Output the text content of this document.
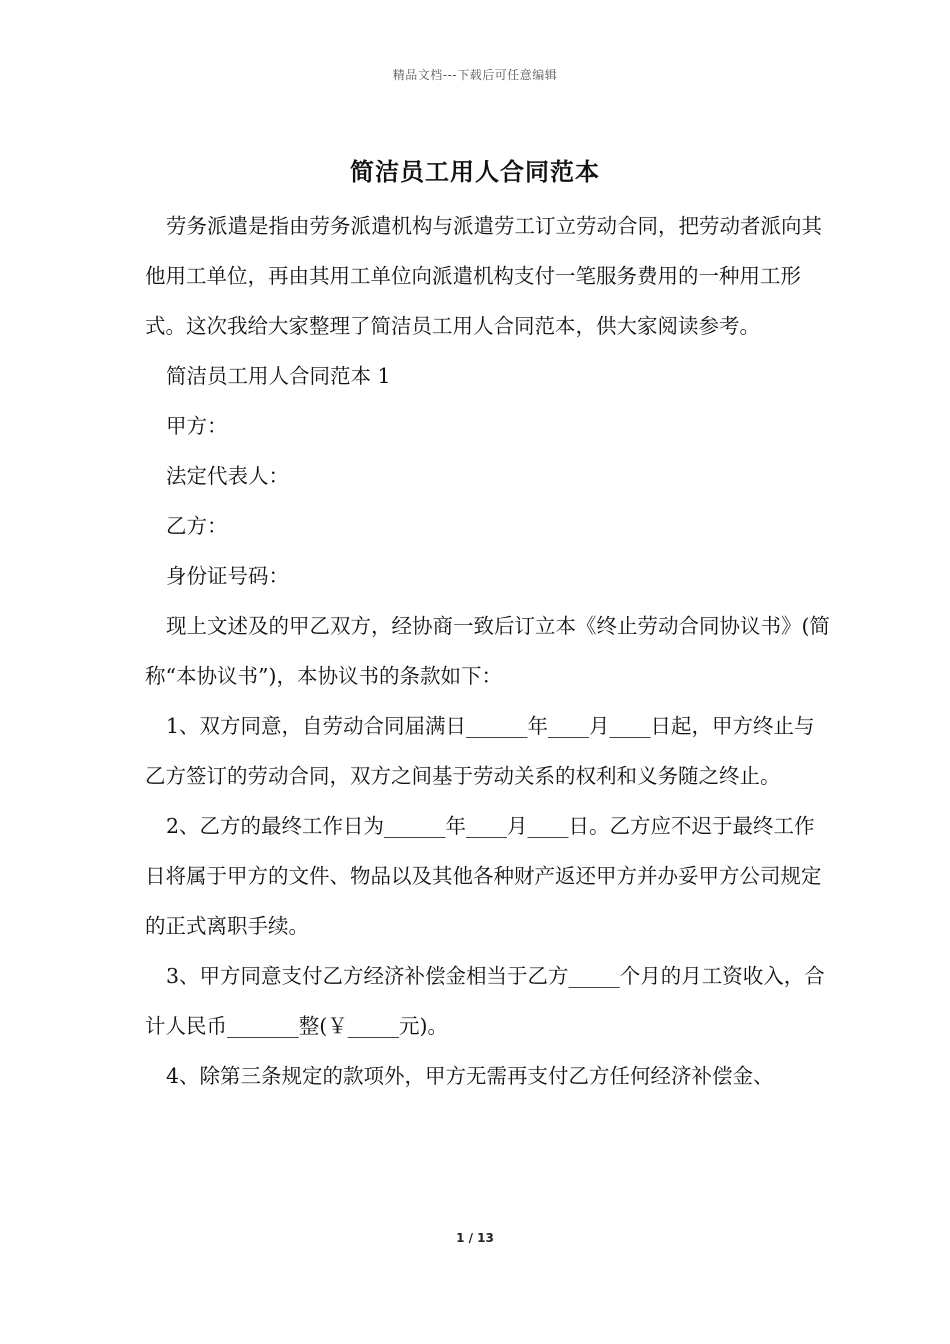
精品文档---下载后可任意编辑
简洁员工用人合同范本

劳务派遣是指由劳务派遣机构与派遣劳工订立劳动合同，把劳动者派向其他用工单位，再由其用工单位向派遣机构支付一笔服务费用的一种用工形式。这次我给大家整理了简洁员工用人合同范本，供大家阅读参考。

简洁员工用人合同范本 1

甲方：

法定代表人：

乙方：

身份证号码：

现上文述及的甲乙双方，经协商一致后订立本《终止劳动合同协议书》(简称“本协议书”)，本协议书的条款如下：

1、双方同意，自劳动合同届满日______年____月____日起，甲方终止与乙方签订的劳动合同，双方之间基于劳动关系的权利和义务随之终止。

2、乙方的最终工作日为______年____月____日。乙方应不迟于最终工作日将属于甲方的文件、物品以及其他各种财产返还甲方并办妥甲方公司规定的正式离职手续。

3、甲方同意支付乙方经济补偿金相当于乙方_____个月的月工资收入，合计人民币_______整(￥_____元)。

4、除第三条规定的款项外，甲方无需再支付乙方任何经济补偿金、

1 / 13
